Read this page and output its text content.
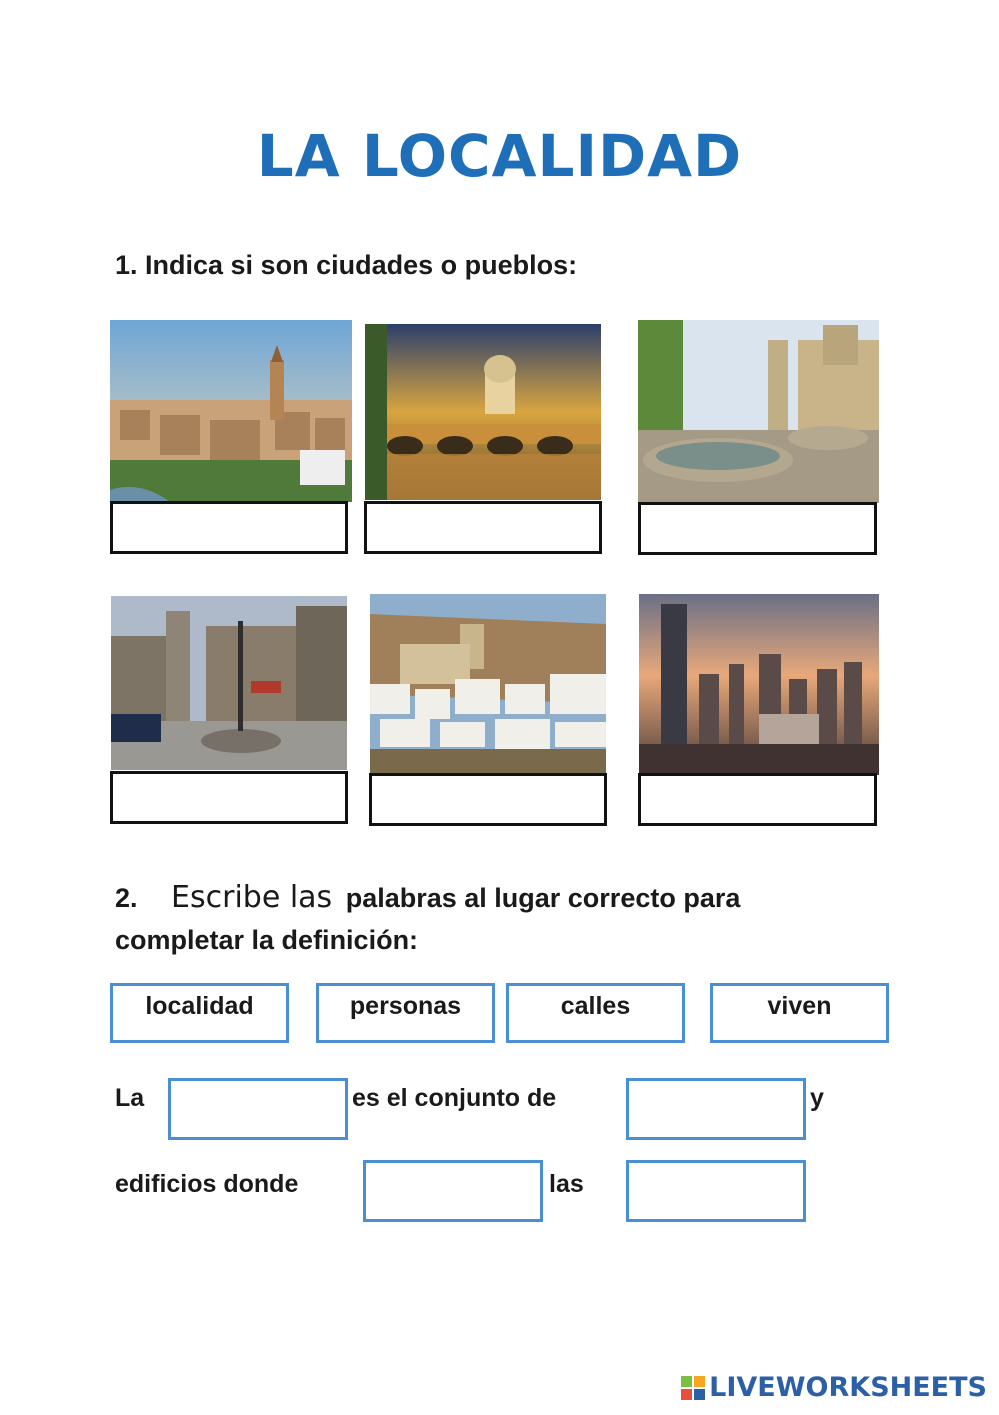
LA LOCALIDAD
1. Indica si son ciudades o pueblos:
2. Escribe las palabras al lugar correcto para
completar la definición:
localidad	personas	calles	viven
La	es el conjunto de	y
edificios donde	las
LIVEWORKSHEETS
